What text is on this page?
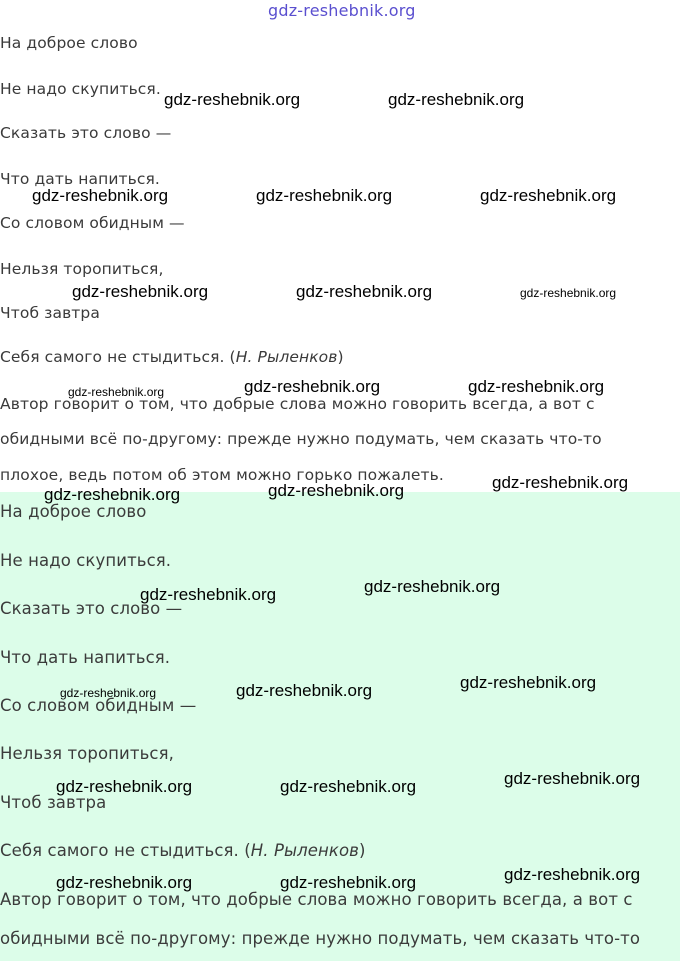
gdz-reshebnik.org
На доброе слово
Не надо скупиться.
Сказать это слово —
Что дать напиться.
Со словом обидным —
Нельзя торопиться,
Чтоб завтра
Себя самого не стыдиться. (Н. Рыленков)
Автор говорит о том, что добрые слова можно говорить всегда, а вот с
обидными всё по-другому: прежде нужно подумать, чем сказать что-то
плохое, ведь потом об этом можно горько пожалеть.
На доброе слово
Не надо скупиться.
Сказать это слово —
Что дать напиться.
Со словом обидным —
Нельзя торопиться,
Чтоб завтра
Себя самого не стыдиться. (Н. Рыленков)
Автор говорит о том, что добрые слова можно говорить всегда, а вот с
обидными всё по-другому: прежде нужно подумать, чем сказать что-то
gdz-reshebnik.org	gdz-reshebnik.org
gdz-reshebnik.org	gdz-reshebnik.org	gdz-reshebnik.org
gdz-reshebnik.org	gdz-reshebnik.org	gdz-reshebnik.org
gdz-reshebnik.org	gdz-reshebnik.org	gdz-reshebnik.org
gdz-reshebnik.org	gdz-reshebnik.org	gdz-reshebnik.org
gdz-reshebnik.org	gdz-reshebnik.org
gdz-reshebnik.org	gdz-reshebnik.org	gdz-reshebnik.org
gdz-reshebnik.org	gdz-reshebnik.org	gdz-reshebnik.org
gdz-reshebnik.org	gdz-reshebnik.org	gdz-reshebnik.org
